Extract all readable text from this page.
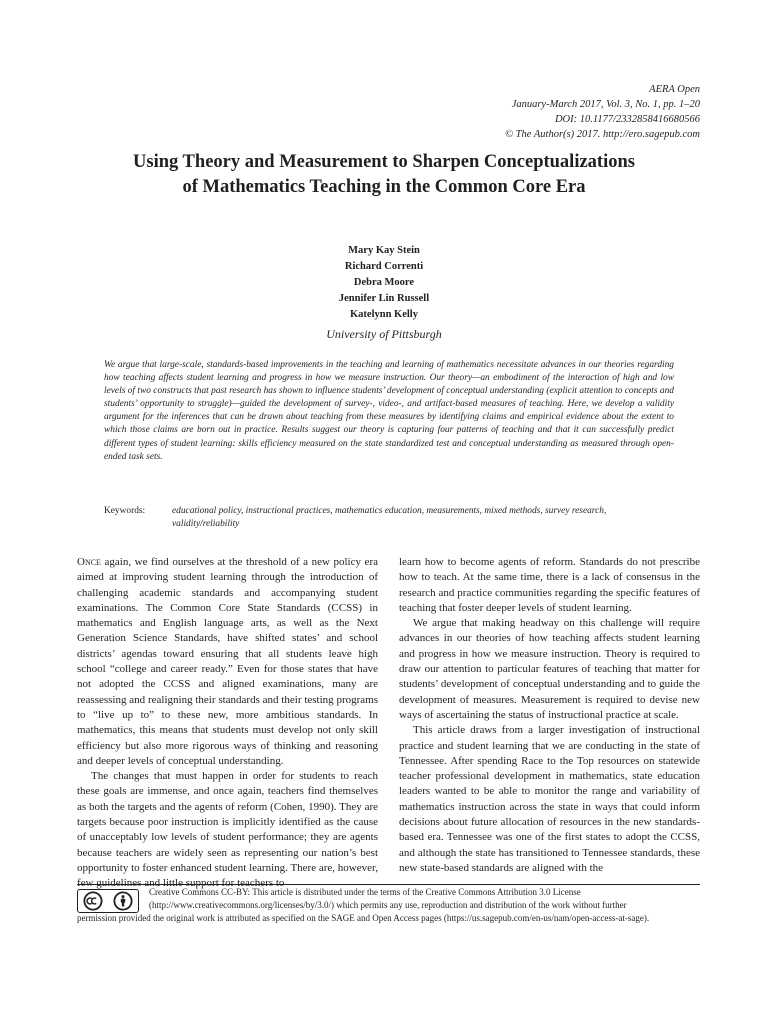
AERA Open
January-March 2017, Vol. 3, No. 1, pp. 1–20
DOI: 10.1177/2332858416680566
© The Author(s) 2017. http://ero.sagepub.com
Using Theory and Measurement to Sharpen Conceptualizations
of Mathematics Teaching in the Common Core Era
Mary Kay Stein
Richard Correnti
Debra Moore
Jennifer Lin Russell
Katelynn Kelly
University of Pittsburgh

We argue that large-scale, standards-based improvements in the teaching and learning of mathematics necessitate advances in our theories regarding how teaching affects student learning and progress in how we measure instruction. Our theory—an embodiment of the interaction of high and low levels of two constructs that past research has shown to influence students’ development of conceptual understanding (explicit attention to concepts and students’ opportunity to struggle)—guided the development of survey-, video-, and artifact-based measures of teaching. Here, we develop a validity argument for the inferences that can be drawn about teaching from these measures by identifying claims and empirical evidence about the extent to which those claims are born out in practice. Results suggest our theory is capturing four patterns of teaching and that it can successfully predict different types of student learning: skills efficiency measured on the state standardized test and conceptual understanding as measured through open-ended task sets.

Keywords:	educational policy, instructional practices, mathematics education, measurements, mixed methods, survey research, validity/reliability

Once again, we find ourselves at the threshold of a new policy era aimed at improving student learning through the introduction of challenging academic standards and accompanying student examinations. The Common Core State Standards (CCSS) in mathematics and English language arts, as well as the Next Generation Science Standards, have shifted states’ and school districts’ agendas toward ensuring that all students leave high school “college and career ready.” Even for those states that have not adopted the CCSS and aligned examinations, many are reassessing and realigning their standards and their testing programs to “live up to” to these new, more ambitious standards. In mathematics, this means that students must develop not only skill efficiency but also more rigorous ways of thinking and reasoning and deeper levels of conceptual understanding.

The changes that must happen in order for students to reach these goals are immense, and once again, teachers find themselves as both the targets and the agents of reform (Cohen, 1990). They are targets because poor instruction is implicitly identified as the cause of unacceptably low levels of student performance; they are agents because teachers are widely seen as representing our nation’s best opportunity to foster enhanced student learning. There are, however, few guidelines and little support for teachers to

learn how to become agents of reform. Standards do not prescribe how to teach. At the same time, there is a lack of consensus in the research and practice communities regarding the specific features of teaching that foster deeper levels of student learning.

We argue that making headway on this challenge will require advances in our theories of how teaching affects student learning and progress in how we measure instruction. Theory is required to draw our attention to particular features of teaching that matter for students’ development of conceptual understanding and to guide the development of measures. Measurement is required to devise new ways of ascertaining the status of instructional practice at scale.

This article draws from a larger investigation of instructional practice and student learning that we are conducting in the state of Tennessee. After spending Race to the Top resources on statewide teacher professional development in mathematics, state education leaders wanted to be able to monitor the range and variability of mathematics instruction across the state in ways that could inform decisions about future allocation of resources in the new standards-based era. Tennessee was one of the first states to adopt the CCSS, and although the state has transitioned to Tennessee standards, these new state-based standards are aligned with the

Creative Commons CC-BY: This article is distributed under the terms of the Creative Commons Attribution 3.0 License
(http://www.creativecommons.org/licenses/by/3.0/) which permits any use, reproduction and distribution of the work without further
permission provided the original work is attributed as specified on the SAGE and Open Access pages (https://us.sagepub.com/en-us/nam/open-access-at-sage).
